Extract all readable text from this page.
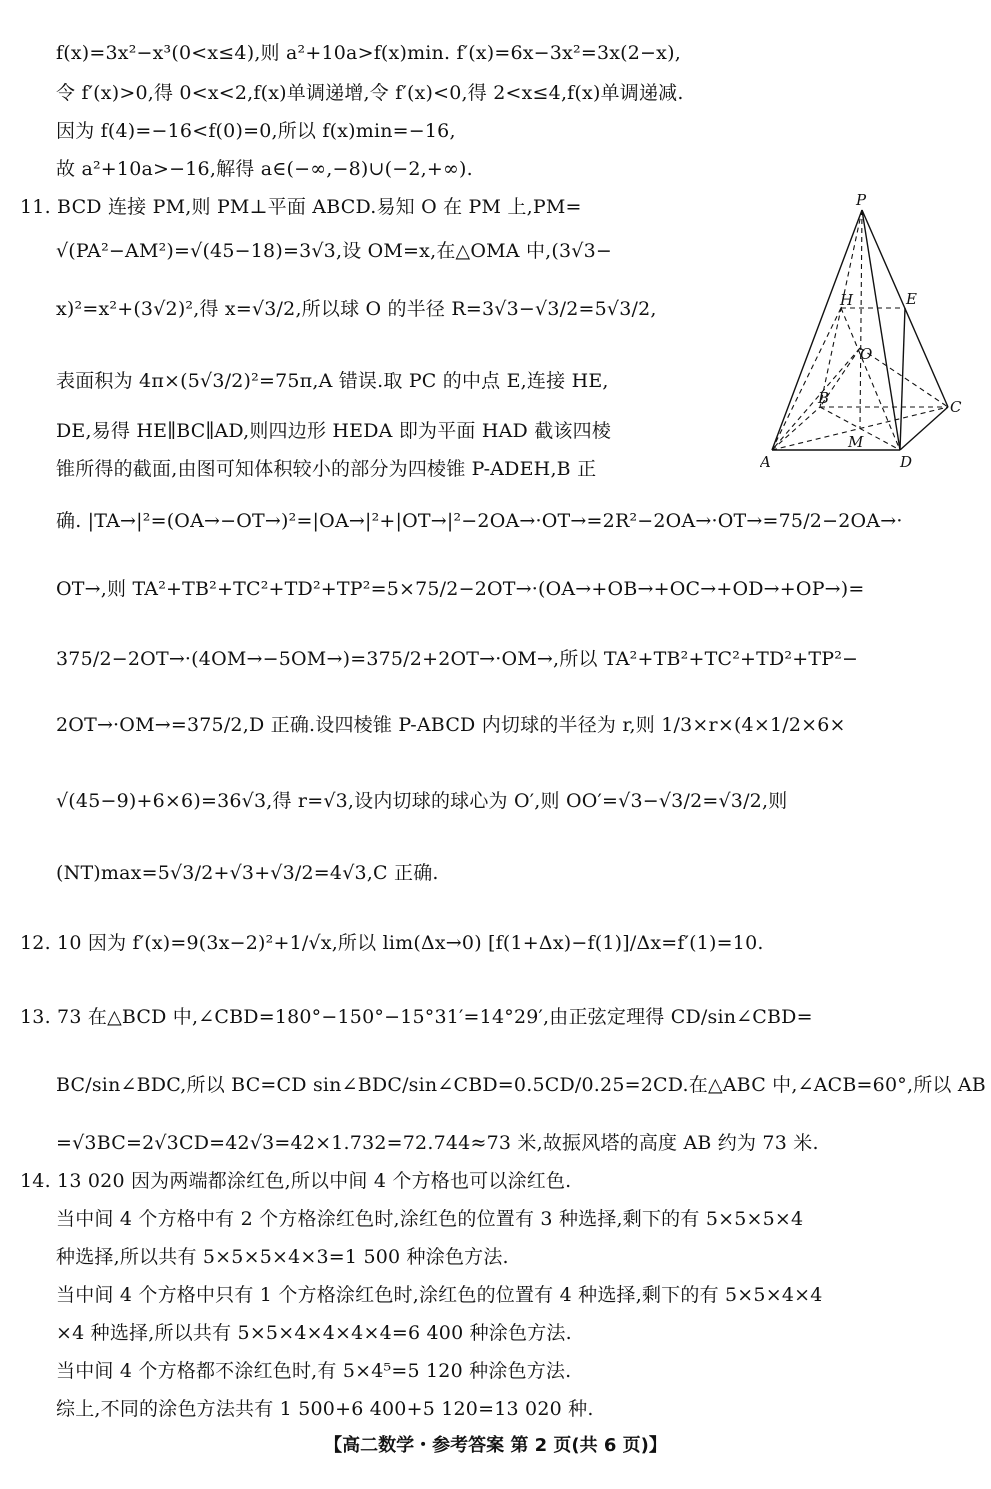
f(x)=3x²−x³(0<x≤4),则 a²+10a>f(x)min. f′(x)=6x−3x²=3x(2−x),
令 f′(x)>0,得 0<x<2,f(x)单调递增,令 f′(x)<0,得 2<x≤4,f(x)单调递减.
因为 f(4)=−16<f(0)=0,所以 f(x)min=−16,
故 a²+10a>−16,解得 a∈(−∞,−8)∪(−2,+∞).
11. BCD 连接 PM,则 PM⊥平面 ABCD.易知 O 在 PM 上,PM=
√(PA²−AM²)=√(45−18)=3√3,设 OM=x,在△OMA 中,(3√3−
x)²=x²+(3√2)²,得 x=√3/2,所以球 O 的半径 R=3√3−√3/2=5√3/2,
表面积为 4π×(5√3/2)²=75π,A 错误.取 PC 的中点 E,连接 HE,
DE,易得 HE∥BC∥AD,则四边形 HEDA 即为平面 HAD 截该四棱
锥所得的截面,由图可知体积较小的部分为四棱锥 P-ADEH,B 正
确. |TA→|²=(OA→−OT→)²=|OA→|²+|OT→|²−2OA→·OT→=2R²−2OA→·OT→=75/2−2OA→·
OT→,则 TA²+TB²+TC²+TD²+TP²=5×75/2−2OT→·(OA→+OB→+OC→+OD→+OP→)=
375/2−2OT→·(4OM→−5OM→)=375/2+2OT→·OM→,所以 TA²+TB²+TC²+TD²+TP²−
2OT→·OM→=375/2,D 正确.设四棱锥 P-ABCD 内切球的半径为 r,则 1/3×r×(4×1/2×6×
√(45−9)+6×6)=36√3,得 r=√3,设内切球的球心为 O′,则 OO′=√3−√3/2=√3/2,则
(NT)max=5√3/2+√3+√3/2=4√3,C 正确.
12. 10 因为 f′(x)=9(3x−2)²+1/√x,所以 lim(Δx→0) [f(1+Δx)−f(1)]/Δx=f′(1)=10.
13. 73 在△BCD 中,∠CBD=180°−150°−15°31′=14°29′,由正弦定理得 CD/sin∠CBD=
BC/sin∠BDC,所以 BC=CD sin∠BDC/sin∠CBD=0.5CD/0.25=2CD.在△ABC 中,∠ACB=60°,所以 AB
=√3BC=2√3CD=42√3=42×1.732=72.744≈73 米,故振风塔的高度 AB 约为 73 米.
14. 13 020 因为两端都涂红色,所以中间 4 个方格也可以涂红色.
当中间 4 个方格中有 2 个方格涂红色时,涂红色的位置有 3 种选择,剩下的有 5×5×5×4
种选择,所以共有 5×5×5×4×3=1 500 种涂色方法.
当中间 4 个方格中只有 1 个方格涂红色时,涂红色的位置有 4 种选择,剩下的有 5×5×4×4
×4 种选择,所以共有 5×5×4×4×4×4=6 400 种涂色方法.
当中间 4 个方格都不涂红色时,有 5×4⁵=5 120 种涂色方法.
综上,不同的涂色方法共有 1 500+6 400+5 120=13 020 种.
P
H	E
O
B	C
M
A	D
【高二数学・参考答案 第 2 页(共 6 页)】
